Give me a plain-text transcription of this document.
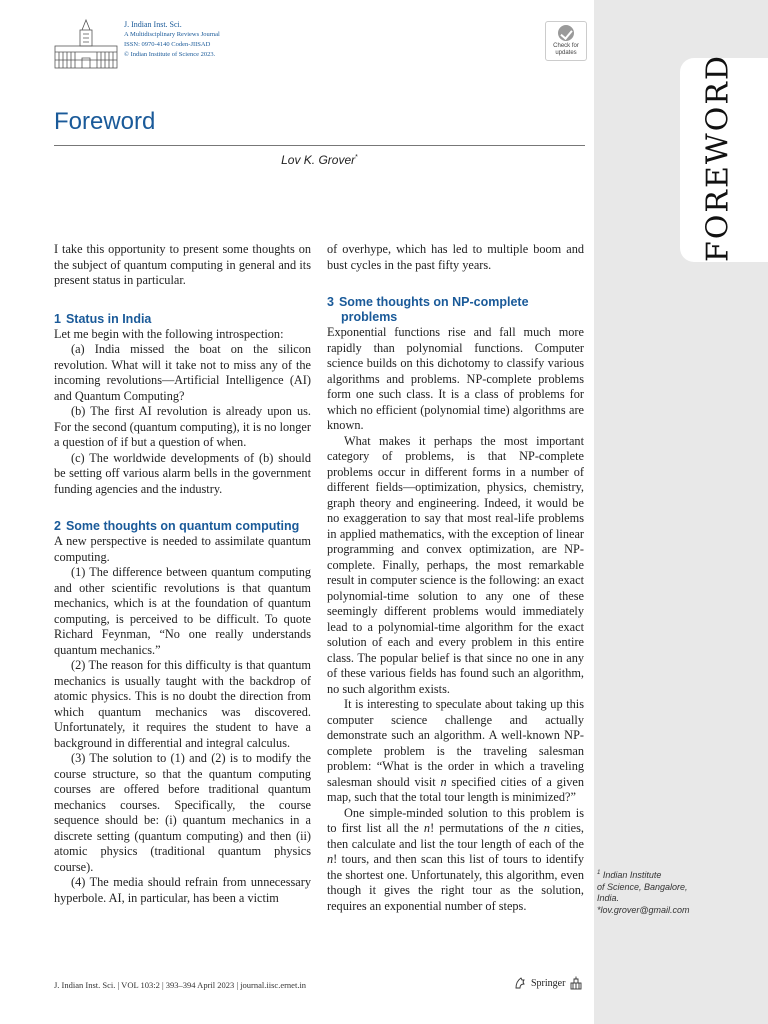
FOREWORD
J. Indian Inst. Sci.
A Multidisciplinary Reviews Journal
ISSN: 0970-4140 Coden-JIISAD
© Indian Institute of Science 2023.
Check for
updates
Foreword
Lov K. Grover*

I take this opportunity to present some thoughts on the subject of quantum computing in general and its present status in particular.

1 Status in India

Let me begin with the following introspection:

(a) India missed the boat on the silicon revolution. What will it take not to miss any of the incoming revolutions—Artificial Intelligence (AI) and Quantum Computing?

(b) The first AI revolution is already upon us. For the second (quantum computing), it is no longer a question of if but a question of when.

(c) The worldwide developments of (b) should be setting off various alarm bells in the government funding agencies and the industry.

2 Some thoughts on quantum computing

A new perspective is needed to assimilate quantum computing.

(1) The difference between quantum computing and other scientific revolutions is that quantum mechanics, which is at the foundation of quantum computing, is perceived to be difficult. To quote Richard Feynman, “No one really understands quantum mechanics.”

(2) The reason for this difficulty is that quantum mechanics is usually taught with the backdrop of atomic physics. This is no doubt the direction from which quantum mechanics was discovered. Unfortunately, it requires the student to have a background in differential and integral calculus.

(3) The solution to (1) and (2) is to modify the course structure, so that the quantum computing courses are offered before traditional quantum mechanics courses. Specifically, the course sequence should be: (i) quantum mechanics in a discrete setting (quantum computing) and then (ii) atomic physics (traditional quantum physics course).

(4) The media should refrain from unnecessary hyperbole. AI, in particular, has been a victim

of overhype, which has led to multiple boom and bust cycles in the past fifty years.

3 Some thoughts on NP-complete problems

Exponential functions rise and fall much more rapidly than polynomial functions. Computer science builds on this dichotomy to classify various algorithms and problems. NP-complete problems form one such class. It is a class of problems for which no efficient (polynomial time) algorithms are known.

What makes it perhaps the most important category of problems, is that NP-complete problems occur in different forms in a number of different fields—optimization, physics, chemistry, graph theory and engineering. Indeed, it would be no exaggeration to say that most real-life problems in applied mathematics, with the exception of linear programming and convex optimization, are NP-complete. Finally, perhaps, the most remarkable result in computer science is the following: an exact polynomial-time solution to any one of these seemingly different problems would immediately lead to a polynomial-time algorithm for the exact solution of each and every problem in this entire class. The popular belief is that since no one in any of these various fields has found such an algorithm, no such algorithm exists.

It is interesting to speculate about taking up this computer science challenge and actually demonstrate such an algorithm. A well-known NP-complete problem is the traveling salesman problem: “What is the order in which a traveling salesman should visit n specified cities of a given map, such that the total tour length is minimized?”

One simple-minded solution to this problem is to first list all the n! permutations of the n cities, then calculate and list the tour length of each of the n! tours, and then scan this list of tours to identify the shortest one. Unfortunately, this algorithm, even though it gives the right tour as the solution, requires an exponential number of steps.

$^1$ Indian Institute
of Science, Bangalore,
India.
*lov.grover@gmail.com
J. Indian Inst. Sci. | VOL 103:2 | 393–394 April 2023 | journal.iisc.ernet.in	Springer
